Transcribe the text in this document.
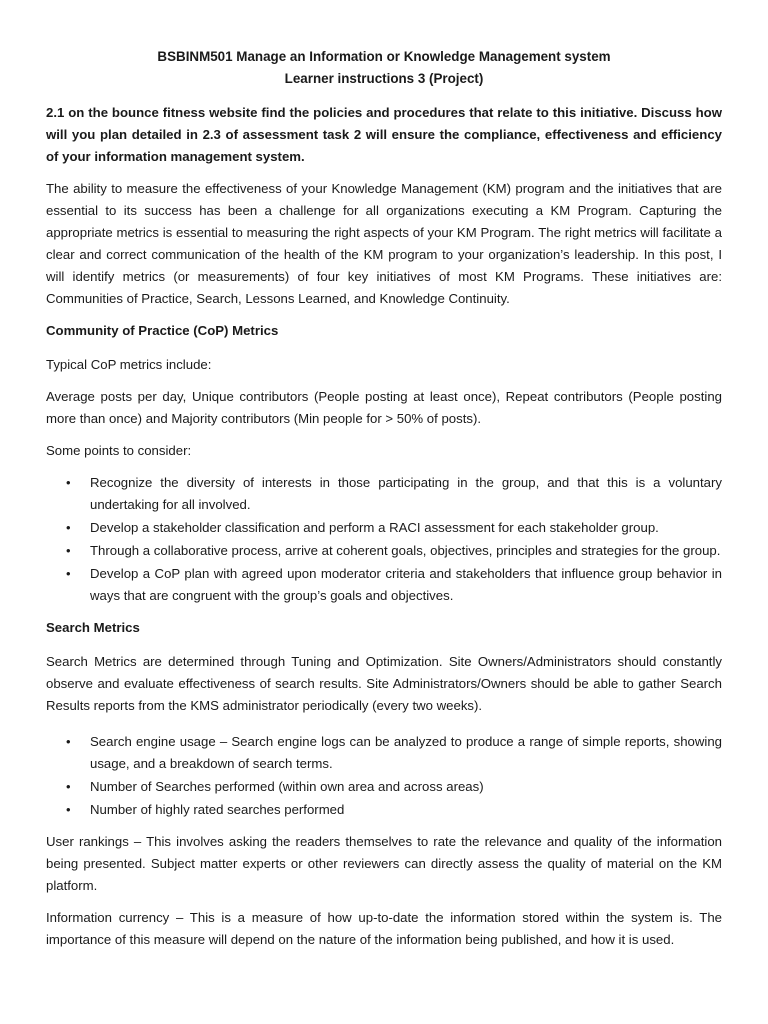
BSBINM501 Manage an Information or Knowledge Management system
Learner instructions 3 (Project)
2.1 on the bounce fitness website find the policies and procedures that relate to this initiative. Discuss how will you plan detailed in 2.3 of assessment task 2 will ensure the compliance, effectiveness and efficiency of your information management system.

The ability to measure the effectiveness of your Knowledge Management (KM) program and the initiatives that are essential to its success has been a challenge for all organizations executing a KM Program. Capturing the appropriate metrics is essential to measuring the right aspects of your KM Program. The right metrics will facilitate a clear and correct communication of the health of the KM program to your organization’s leadership. In this post, I will identify metrics (or measurements) of four key initiatives of most KM Programs. These initiatives are: Communities of Practice, Search, Lessons Learned, and Knowledge Continuity.

Community of Practice (CoP) Metrics

Typical CoP metrics include:

Average posts per day, Unique contributors (People posting at least once), Repeat contributors (People posting more than once) and Majority contributors (Min people for > 50% of posts).

Some points to consider:

• Recognize the diversity of interests in those participating in the group, and that this is a voluntary undertaking for all involved.
• Develop a stakeholder classification and perform a RACI assessment for each stakeholder group.
• Through a collaborative process, arrive at coherent goals, objectives, principles and strategies for the group.
• Develop a CoP plan with agreed upon moderator criteria and stakeholders that influence group behavior in ways that are congruent with the group’s goals and objectives.
Search Metrics

Search Metrics are determined through Tuning and Optimization. Site Owners/Administrators should constantly observe and evaluate effectiveness of search results. Site Administrators/Owners should be able to gather Search Results reports from the KMS administrator periodically (every two weeks).

• Search engine usage – Search engine logs can be analyzed to produce a range of simple reports, showing usage, and a breakdown of search terms.
• Number of Searches performed (within own area and across areas)
• Number of highly rated searches performed

User rankings – This involves asking the readers themselves to rate the relevance and quality of the information being presented. Subject matter experts or other reviewers can directly assess the quality of material on the KM platform.

Information currency – This is a measure of how up-to-date the information stored within the system is. The importance of this measure will depend on the nature of the information being published, and how it is used.
